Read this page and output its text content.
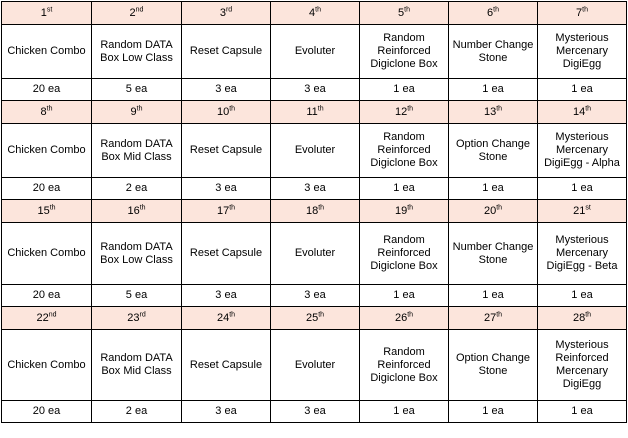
1st	2nd	3rd	4th	5th	6th	7th
Chicken Combo	Random DATA Box Low Class	Reset Capsule	Evoluter	Random Reinforced Digiclone Box	Number Change Stone	Mysterious Mercenary DigiEgg
20 ea	5 ea	3 ea	3 ea	1 ea	1 ea	1 ea
8th	9th	10th	11th	12th	13th	14th
Chicken Combo	Random DATA Box Mid Class	Reset Capsule	Evoluter	Random Reinforced Digiclone Box	Option Change Stone	Mysterious Mercenary DigiEgg - Alpha
20 ea	2 ea	3 ea	3 ea	1 ea	1 ea	1 ea
15th	16th	17th	18th	19th	20th	21st
Chicken Combo	Random DATA Box Low Class	Reset Capsule	Evoluter	Random Reinforced Digiclone Box	Number Change Stone	Mysterious Mercenary DigiEgg - Beta
20 ea	5 ea	3 ea	3 ea	1 ea	1 ea	1 ea
22nd	23rd	24th	25th	26th	27th	28th
Chicken Combo	Random DATA Box Mid Class	Reset Capsule	Evoluter	Random Reinforced Digiclone Box	Option Change Stone	Mysterious Reinforced Mercenary DigiEgg
20 ea	2 ea	3 ea	3 ea	1 ea	1 ea	1 ea
